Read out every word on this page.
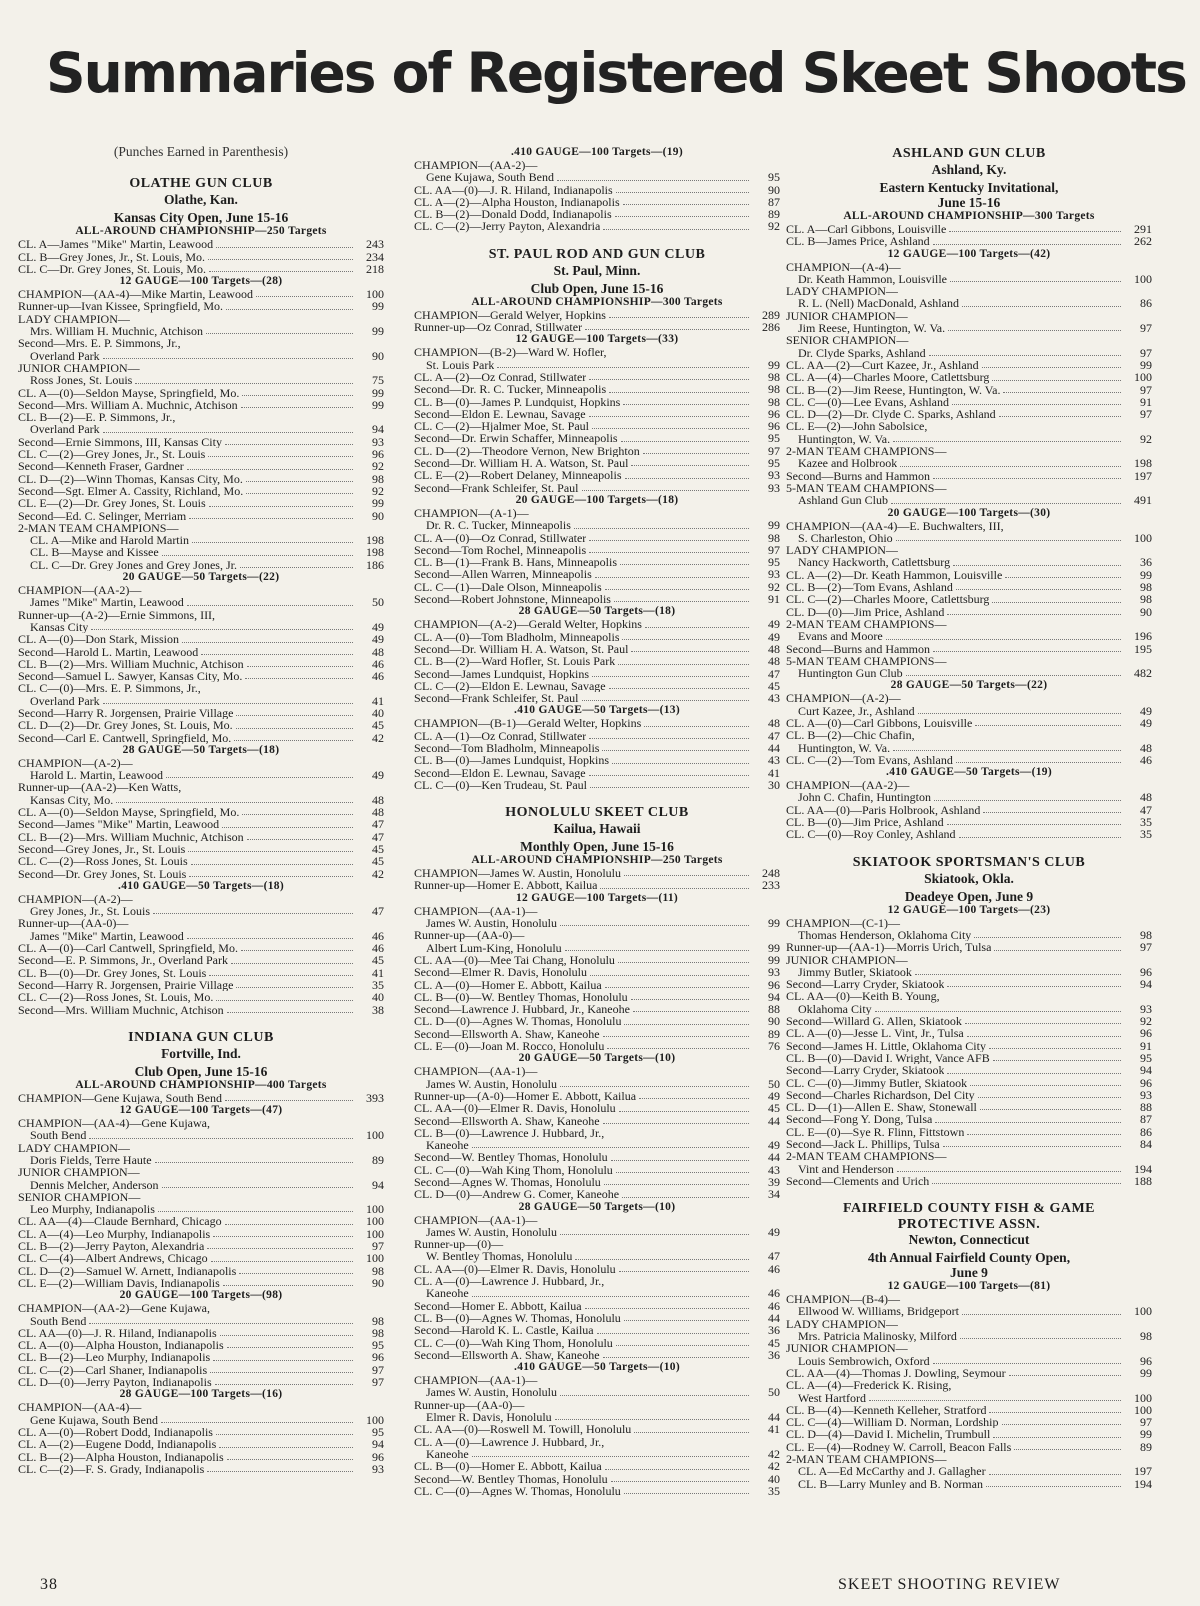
Summaries of Registered Skeet Shoots
(Punches Earned in Parenthesis)
OLATHE GUN CLUB
Olathe, Kan.
Kansas City Open, June 15-16
ALL-AROUND CHAMPIONSHIP—250 Targets
CL. A—James "Mike" Martin, Leawood	243
CL. B—Grey Jones, Jr., St. Louis, Mo.	234
CL. C—Dr. Grey Jones, St. Louis, Mo.	218
12 GAUGE—100 Targets—(28)
CHAMPION—(AA-4)—Mike Martin, Leawood	100
Runner-up—Ivan Kissee, Springfield, Mo.	99
LADY CHAMPION—
Mrs. William H. Muchnic, Atchison	99
Second—Mrs. E. P. Simmons, Jr.,
Overland Park	90
JUNIOR CHAMPION—
Ross Jones, St. Louis	75
CL. A—(0)—Seldon Mayse, Springfield, Mo.	99
Second—Mrs. William A. Muchnic, Atchison	99
CL. B—(2)—E. P. Simmons, Jr.,
Overland Park	94
Second—Ernie Simmons, III, Kansas City	93
CL. C—(2)—Grey Jones, Jr., St. Louis	96
Second—Kenneth Fraser, Gardner	92
CL. D—(2)—Winn Thomas, Kansas City, Mo.	98
Second—Sgt. Elmer A. Cassity, Richland, Mo.	92
CL. E—(2)—Dr. Grey Jones, St. Louis	99
Second—Ed. C. Selinger, Merriam	90
2-MAN TEAM CHAMPIONS—
CL. A—Mike and Harold Martin	198
CL. B—Mayse and Kissee	198
CL. C—Dr. Grey Jones and Grey Jones, Jr.	186
20 GAUGE—50 Targets—(22)
CHAMPION—(AA-2)—
James "Mike" Martin, Leawood	50
Runner-up—(A-2)—Ernie Simmons, III,
Kansas City	49
CL. A—(0)—Don Stark, Mission	49
Second—Harold L. Martin, Leawood	48
CL. B—(2)—Mrs. William Muchnic, Atchison	46
Second—Samuel L. Sawyer, Kansas City, Mo.	46
CL. C—(0)—Mrs. E. P. Simmons, Jr.,
Overland Park	41
Second—Harry R. Jorgensen, Prairie Village	40
CL. D—(2)—Dr. Grey Jones, St. Louis, Mo.	45
Second—Carl E. Cantwell, Springfield, Mo.	42
28 GAUGE—50 Targets—(18)
CHAMPION—(A-2)—
Harold L. Martin, Leawood	49
Runner-up—(AA-2)—Ken Watts,
Kansas City, Mo.	48
CL. A—(0)—Seldon Mayse, Springfield, Mo.	48
Second—James "Mike" Martin, Leawood	47
CL. B—(2)—Mrs. William Muchnic, Atchison	47
Second—Grey Jones, Jr., St. Louis	45
CL. C—(2)—Ross Jones, St. Louis	45
Second—Dr. Grey Jones, St. Louis	42
.410 GAUGE—50 Targets—(18)
CHAMPION—(A-2)—
Grey Jones, Jr., St. Louis	47
Runner-up—(AA-0)—
James "Mike" Martin, Leawood	46
CL. A—(0)—Carl Cantwell, Springfield, Mo.	46
Second—E. P. Simmons, Jr., Overland Park	45
CL. B—(0)—Dr. Grey Jones, St. Louis	41
Second—Harry R. Jorgensen, Prairie Village	35
CL. C—(2)—Ross Jones, St. Louis, Mo.	40
Second—Mrs. William Muchnic, Atchison	38
INDIANA GUN CLUB
Fortville, Ind.
Club Open, June 15-16
ALL-AROUND CHAMPIONSHIP—400 Targets
CHAMPION—Gene Kujawa, South Bend	393
12 GAUGE—100 Targets—(47)
CHAMPION—(AA-4)—Gene Kujawa,
South Bend	100
LADY CHAMPION—
Doris Fields, Terre Haute	89
JUNIOR CHAMPION—
Dennis Melcher, Anderson	94
SENIOR CHAMPION—
Leo Murphy, Indianapolis	100
CL. AA—(4)—Claude Bernhard, Chicago	100
CL. A—(4)—Leo Murphy, Indianapolis	100
CL. B—(2)—Jerry Payton, Alexandria	97
CL. C—(4)—Albert Andrews, Chicago	100
CL. D—(2)—Samuel W. Arnett, Indianapolis	98
CL. E—(2)—William Davis, Indianapolis	90
20 GAUGE—100 Targets—(98)
CHAMPION—(AA-2)—Gene Kujawa,
South Bend	98
CL. AA—(0)—J. R. Hiland, Indianapolis	98
CL. A—(0)—Alpha Houston, Indianapolis	95
CL. B—(2)—Leo Murphy, Indianapolis	96
CL. C—(2)—Carl Shaner, Indianapolis	97
CL. D—(0)—Jerry Payton, Indianapolis	97
28 GAUGE—100 Targets—(16)
CHAMPION—(AA-4)—
Gene Kujawa, South Bend	100
CL. A—(0)—Robert Dodd, Indianapolis	95
CL. A—(2)—Eugene Dodd, Indianapolis	94
CL. B—(2)—Alpha Houston, Indianapolis	96
CL. C—(2)—F. S. Grady, Indianapolis	93
.410 GAUGE—100 Targets—(19)
CHAMPION—(AA-2)—
Gene Kujawa, South Bend	95
CL. AA—(0)—J. R. Hiland, Indianapolis	90
CL. A—(2)—Alpha Houston, Indianapolis	87
CL. B—(2)—Donald Dodd, Indianapolis	89
CL. C—(2)—Jerry Payton, Alexandria	92
ST. PAUL ROD AND GUN CLUB
St. Paul, Minn.
Club Open, June 15-16
ALL-AROUND CHAMPIONSHIP—300 Targets
CHAMPION—Gerald Welyer, Hopkins	289
Runner-up—Oz Conrad, Stillwater	286
12 GAUGE—100 Targets—(33)
CHAMPION—(B-2)—Ward W. Hofler,
St. Louis Park	99
CL. A—(2)—Oz Conrad, Stillwater	98
Second—Dr. R. C. Tucker, Minneapolis	98
CL. B—(0)—James P. Lundquist, Hopkins	98
Second—Eldon E. Lewnau, Savage	96
CL. C—(2)—Hjalmer Moe, St. Paul	96
Second—Dr. Erwin Schaffer, Minneapolis	95
CL. D—(2)—Theodore Vernon, New Brighton	97
Second—Dr. William H. A. Watson, St. Paul	95
CL. E—(2)—Robert Delaney, Minneapolis	93
Second—Frank Schleifer, St. Paul	93
20 GAUGE—100 Targets—(18)
CHAMPION—(A-1)—
Dr. R. C. Tucker, Minneapolis	99
CL. A—(0)—Oz Conrad, Stillwater	98
Second—Tom Rochel, Minneapolis	97
CL. B—(1)—Frank B. Hans, Minneapolis	95
Second—Allen Warren, Minneapolis	93
CL. C—(1)—Dale Olson, Minneapolis	92
Second—Robert Johnstone, Minneapolis	91
28 GAUGE—50 Targets—(18)
CHAMPION—(A-2)—Gerald Welter, Hopkins	49
CL. A—(0)—Tom Bladholm, Minneapolis	49
Second—Dr. William H. A. Watson, St. Paul	48
CL. B—(2)—Ward Hofler, St. Louis Park	48
Second—James Lundquist, Hopkins	47
CL. C—(2)—Eldon E. Lewnau, Savage	45
Second—Frank Schleifer, St. Paul	43
.410 GAUGE—50 Targets—(13)
CHAMPION—(B-1)—Gerald Welter, Hopkins	48
CL. A—(1)—Oz Conrad, Stillwater	47
Second—Tom Bladholm, Minneapolis	44
CL. B—(0)—James Lundquist, Hopkins	43
Second—Eldon E. Lewnau, Savage	41
CL. C—(0)—Ken Trudeau, St. Paul	30
HONOLULU SKEET CLUB
Kailua, Hawaii
Monthly Open, June 15-16
ALL-AROUND CHAMPIONSHIP—250 Targets
CHAMPION—James W. Austin, Honolulu	248
Runner-up—Homer E. Abbott, Kailua	233
12 GAUGE—100 Targets—(11)
CHAMPION—(AA-1)—
James W. Austin, Honolulu	99
Runner-up—(AA-0)—
Albert Lum-King, Honolulu	99
CL. AA—(0)—Mee Tai Chang, Honolulu	99
Second—Elmer R. Davis, Honolulu	93
CL. A—(0)—Homer E. Abbott, Kailua	96
CL. B—(0)—W. Bentley Thomas, Honolulu	94
Second—Lawrence J. Hubbard, Jr., Kaneohe	88
CL. D—(0)—Agnes W. Thomas, Honolulu	90
Second—Ellsworth A. Shaw, Kaneohe	89
CL. E—(0)—Joan M. Rocco, Honolulu	76
20 GAUGE—50 Targets—(10)
CHAMPION—(AA-1)—
James W. Austin, Honolulu	50
Runner-up—(A-0)—Homer E. Abbott, Kailua	49
CL. AA—(0)—Elmer R. Davis, Honolulu	45
Second—Ellsworth A. Shaw, Kaneohe	44
CL. B—(0)—Lawrence J. Hubbard, Jr.,
Kaneohe	49
Second—W. Bentley Thomas, Honolulu	44
CL. C—(0)—Wah King Thom, Honolulu	43
Second—Agnes W. Thomas, Honolulu	39
CL. D—(0)—Andrew G. Comer, Kaneohe	34
28 GAUGE—50 Targets—(10)
CHAMPION—(AA-1)—
James W. Austin, Honolulu	49
Runner-up—(0)—
W. Bentley Thomas, Honolulu	47
CL. AA—(0)—Elmer R. Davis, Honolulu	46
CL. A—(0)—Lawrence J. Hubbard, Jr.,
Kaneohe	46
Second—Homer E. Abbott, Kailua	46
CL. B—(0)—Agnes W. Thomas, Honolulu	44
Second—Harold K. L. Castle, Kailua	36
CL. C—(0)—Wah King Thom, Honolulu	45
Second—Ellsworth A. Shaw, Kaneohe	36
.410 GAUGE—50 Targets—(10)
CHAMPION—(AA-1)—
James W. Austin, Honolulu	50
Runner-up—(AA-0)—
Elmer R. Davis, Honolulu	44
CL. AA—(0)—Roswell M. Towill, Honolulu	41
CL. A—(0)—Lawrence J. Hubbard, Jr.,
Kaneohe	42
CL. B—(0)—Homer E. Abbott, Kailua	42
Second—W. Bentley Thomas, Honolulu	40
CL. C—(0)—Agnes W. Thomas, Honolulu	35
ASHLAND GUN CLUB
Ashland, Ky.
Eastern Kentucky Invitational,
June 15-16
ALL-AROUND CHAMPIONSHIP—300 Targets
CL. A—Carl Gibbons, Louisville	291
CL. B—James Price, Ashland	262
12 GAUGE—100 Targets—(42)
CHAMPION—(A-4)—
Dr. Keath Hammon, Louisville	100
LADY CHAMPION—
R. L. (Nell) MacDonald, Ashland	86
JUNIOR CHAMPION—
Jim Reese, Huntington, W. Va.	97
SENIOR CHAMPION—
Dr. Clyde Sparks, Ashland	97
CL. AA—(2)—Curt Kazee, Jr., Ashland	99
CL. A—(4)—Charles Moore, Catlettsburg	100
CL. B—(2)—Jim Reese, Huntington, W. Va.	97
CL. C—(0)—Lee Evans, Ashland	91
CL. D—(2)—Dr. Clyde C. Sparks, Ashland	97
CL. E—(2)—John Sabolsice,
Huntington, W. Va.	92
2-MAN TEAM CHAMPIONS—
Kazee and Holbrook	198
Second—Burns and Hammon	197
5-MAN TEAM CHAMPIONS—
Ashland Gun Club	491
20 GAUGE—100 Targets—(30)
CHAMPION—(AA-4)—E. Buchwalters, III,
S. Charleston, Ohio	100
LADY CHAMPION—
Nancy Hackworth, Catlettsburg	36
CL. A—(2)—Dr. Keath Hammon, Louisville	99
CL. B—(2)—Tom Evans, Ashland	98
CL. C—(2)—Charles Moore, Catlettsburg	98
CL. D—(0)—Jim Price, Ashland	90
2-MAN TEAM CHAMPIONS—
Evans and Moore	196
Second—Burns and Hammon	195
5-MAN TEAM CHAMPIONS—
Huntington Gun Club	482
28 GAUGE—50 Targets—(22)
CHAMPION—(A-2)—
Curt Kazee, Jr., Ashland	49
CL. A—(0)—Carl Gibbons, Louisville	49
CL. B—(2)—Chic Chafin,
Huntington, W. Va.	48
CL. C—(2)—Tom Evans, Ashland	46
.410 GAUGE—50 Targets—(19)
CHAMPION—(AA-2)—
John C. Chafin, Huntington	48
CL. AA—(0)—Paris Holbrook, Ashland	47
CL. B—(0)—Jim Price, Ashland	35
CL. C—(0)—Roy Conley, Ashland	35
SKIATOOK SPORTSMAN'S CLUB
Skiatook, Okla.
Deadeye Open, June 9
12 GAUGE—100 Targets—(23)
CHAMPION—(C-1)—
Thomas Henderson, Oklahoma City	98
Runner-up—(AA-1)—Morris Urich, Tulsa	97
JUNIOR CHAMPION—
Jimmy Butler, Skiatook	96
Second—Larry Cryder, Skiatook	94
CL. AA—(0)—Keith B. Young,
Oklahoma City	93
Second—Willard G. Allen, Skiatook	92
CL. A—(0)—Jesse L. Vint, Jr., Tulsa	96
Second—James H. Little, Oklahoma City	91
CL. B—(0)—David I. Wright, Vance AFB	95
Second—Larry Cryder, Skiatook	94
CL. C—(0)—Jimmy Butler, Skiatook	96
Second—Charles Richardson, Del City	93
CL. D—(1)—Allen E. Shaw, Stonewall	88
Second—Fong Y. Dong, Tulsa	87
CL. E—(0)—Sye R. Flinn, Fittstown	86
Second—Jack L. Phillips, Tulsa	84
2-MAN TEAM CHAMPIONS—
Vint and Henderson	194
Second—Clements and Urich	188
FAIRFIELD COUNTY FISH & GAME
PROTECTIVE ASSN.
Newton, Connecticut
4th Annual Fairfield County Open,
June 9
12 GAUGE—100 Targets—(81)
CHAMPION—(B-4)—
Ellwood W. Williams, Bridgeport	100
LADY CHAMPION—
Mrs. Patricia Malinosky, Milford	98
JUNIOR CHAMPION—
Louis Sembrowich, Oxford	96
CL. AA—(4)—Thomas J. Dowling, Seymour	99
CL. A—(4)—Frederick K. Rising,
West Hartford	100
CL. B—(4)—Kenneth Kelleher, Stratford	100
CL. C—(4)—William D. Norman, Lordship	97
CL. D—(4)—David I. Michelin, Trumbull	99
CL. E—(4)—Rodney W. Carroll, Beacon Falls	89
2-MAN TEAM CHAMPIONS—
CL. A—Ed McCarthy and J. Gallagher	197
CL. B—Larry Munley and B. Norman	194
38	SKEET SHOOTING REVIEW
